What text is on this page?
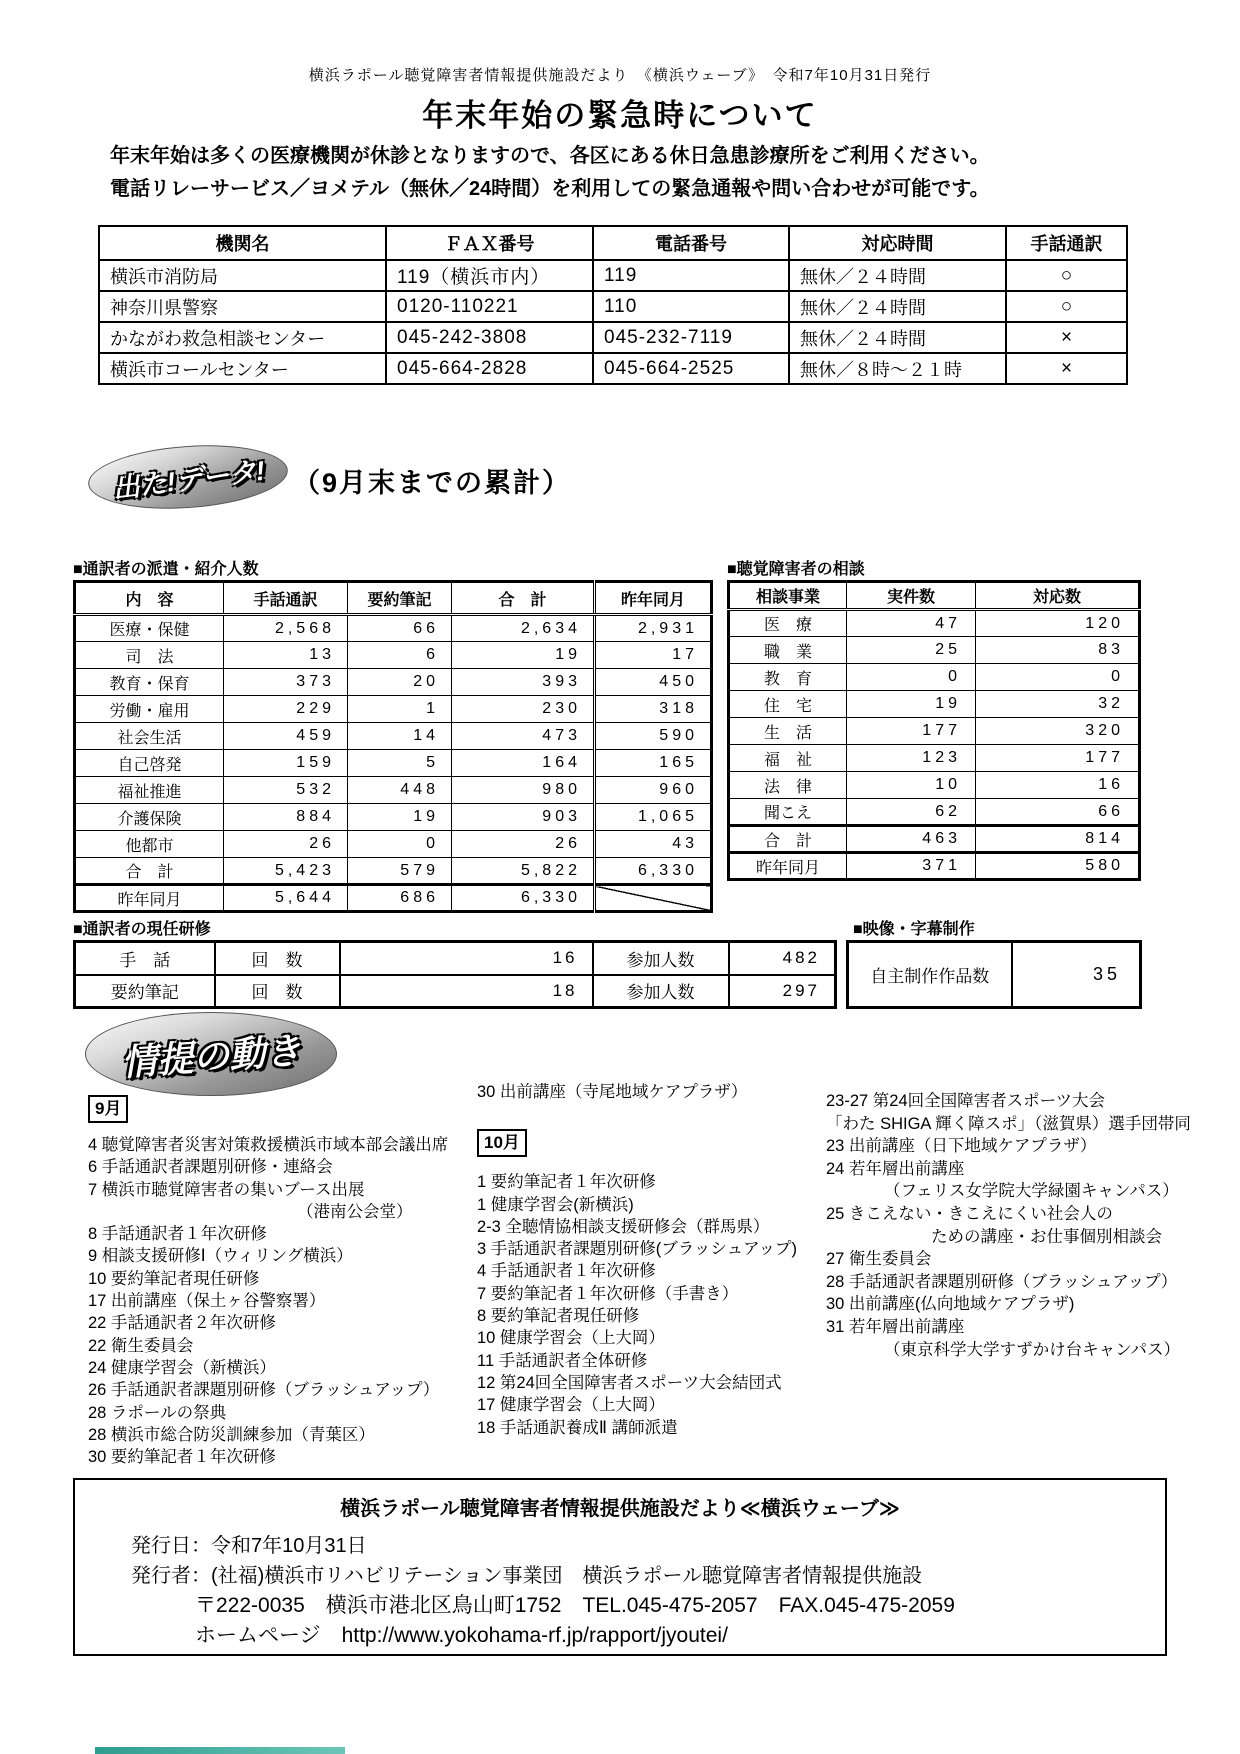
横浜ラポール聴覚障害者情報提供施設だより　《横浜ウェーブ》　令和7年10月31日発行
年末年始の緊急時について
年末年始は多くの医療機関が休診となりますので、各区にある休日急患診療所をご利用ください。
電話リレーサービス／ヨメテル（無休／24時間）を利用しての緊急通報や問い合わせが可能です。
機関名	ＦＡＸ番号	電話番号	対応時間	手話通訳
横浜市消防局	119（横浜市内）	119	無休／２４時間	○
神奈川県警察	0120-110221	110	無休／２４時間	○
かながわ救急相談センター	045-242-3808	045-232-7119	無休／２４時間	×
横浜市コールセンター	045-664-2828	045-664-2525	無休／８時～２１時	×
出た!データ! （9月末までの累計）
■通訳者の派遣・紹介人数
内　容	手話通訳	要約筆記	合　計	昨年同月
医療・保健	2,568	66	2,634	2,931
司　法	13	6	19	17
教育・保育	373	20	393	450
労働・雇用	229	1	230	318
社会生活	459	14	473	590
自己啓発	159	5	164	165
福祉推進	532	448	980	960
介護保険	884	19	903	1,065
他都市	26	0	26	43
合　計	5,423	579	5,822	6,330
昨年同月	5,644	686	6,330	
■聴覚障害者の相談
相談事業	実件数	対応数
医　療	47	120
職　業	25	83
教　育	0	0
住　宅	19	32
生　活	177	320
福　祉	123	177
法　律	10	16
聞こえ	62	66
合　計	463	814
昨年同月	371	580
■通訳者の現任研修
手　話	回　数	16	参加人数	482
要約筆記	回　数	18	参加人数	297
■映像・字幕制作
自主制作作品数	35
情提の動き
9月
4 聴覚障害者災害対策救援横浜市域本部会議出席
6 手話通訳者課題別研修・連絡会
7 横浜市聴覚障害者の集いブース出展
（港南公会堂）
8 手話通訳者１年次研修
9 相談支援研修Ⅰ（ウィリング横浜）
10 要約筆記者現任研修
17 出前講座（保土ヶ谷警察署）
22 手話通訳者２年次研修
22 衛生委員会
24 健康学習会（新横浜）
26 手話通訳者課題別研修（ブラッシュアップ）
28 ラポールの祭典
28 横浜市総合防災訓練参加（青葉区）
30 要約筆記者１年次研修
30 出前講座（寺尾地域ケアプラザ）
10月
1 要約筆記者１年次研修
1 健康学習会(新横浜)
2-3 全聴情協相談支援研修会（群馬県）
3 手話通訳者課題別研修(ブラッシュアップ)
4 手話通訳者１年次研修
7 要約筆記者１年次研修（手書き）
8 要約筆記者現任研修
10 健康学習会（上大岡）
11 手話通訳者全体研修
12 第24回全国障害者スポーツ大会結団式
17 健康学習会（上大岡）
18 手話通訳養成Ⅱ 講師派遣
23-27 第24回全国障害者スポーツ大会
「わた SHIGA 輝く障スポ」（滋賀県）選手団帯同
23 出前講座（日下地域ケアプラザ）
24 若年層出前講座
（フェリス女学院大学緑園キャンパス）
25 きこえない・きこえにくい社会人の
ための講座・お仕事個別相談会
27 衛生委員会
28 手話通訳者課題別研修（ブラッシュアップ）
30 出前講座(仏向地域ケアプラザ)
31 若年層出前講座
（東京科学大学すずかけ台キャンパス）
横浜ラポール聴覚障害者情報提供施設だより≪横浜ウェーブ≫
発行日：令和7年10月31日
発行者：(社福)横浜市リハビリテーション事業団　横浜ラポール聴覚障害者情報提供施設
〒222-0035　横浜市港北区鳥山町1752　TEL.045-475-2057　FAX.045-475-2059
ホームページ　http://www.yokohama-rf.jp/rapport/jyoutei/
